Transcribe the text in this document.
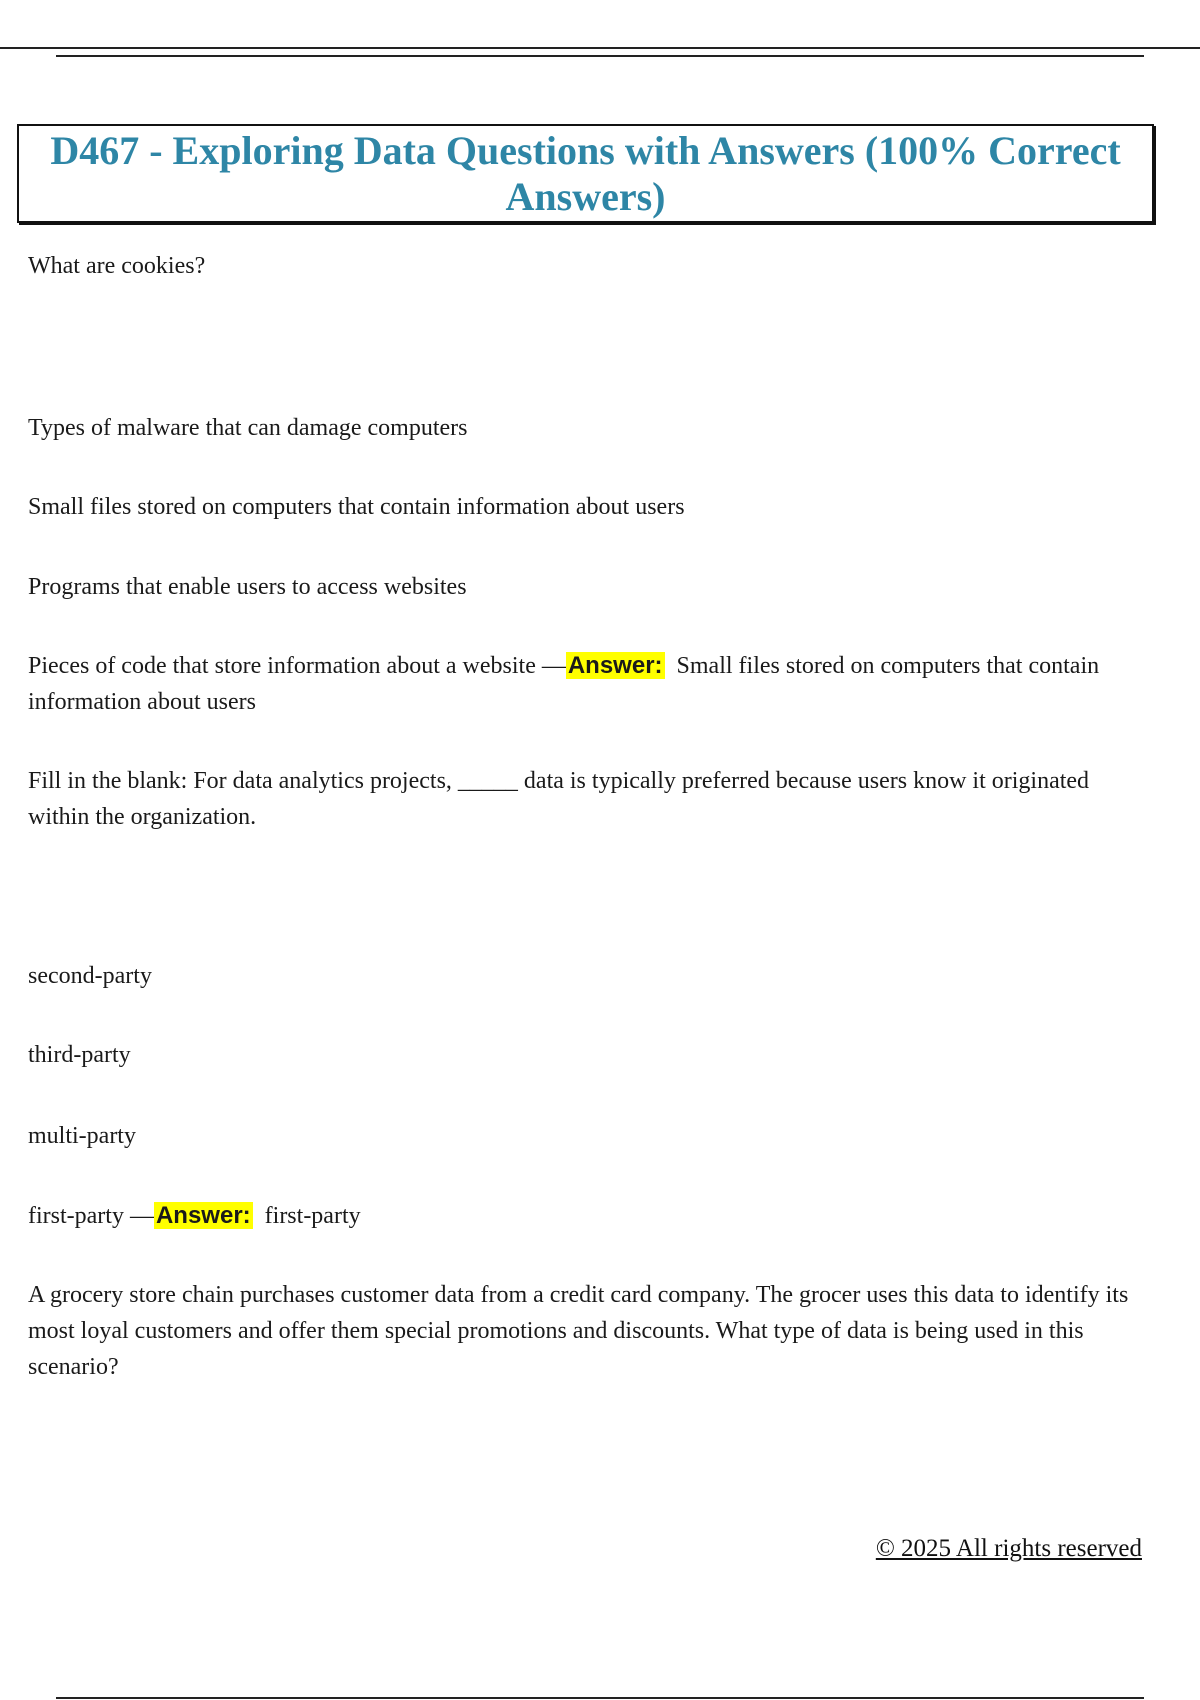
D467 - Exploring Data Questions with Answers (100% Correct Answers)
What are cookies?
Types of malware that can damage computers
Small files stored on computers that contain information about users
Programs that enable users to access websites
Pieces of code that store information about a website —Answer: Small files stored on computers that contain information about users
Fill in the blank: For data analytics projects, _____ data is typically preferred because users know it originated within the organization.
second-party
third-party
multi-party
first-party —Answer: first-party
A grocery store chain purchases customer data from a credit card company. The grocer uses this data to identify its most loyal customers and offer them special promotions and discounts. What type of data is being used in this scenario?
© 2025 All rights reserved
